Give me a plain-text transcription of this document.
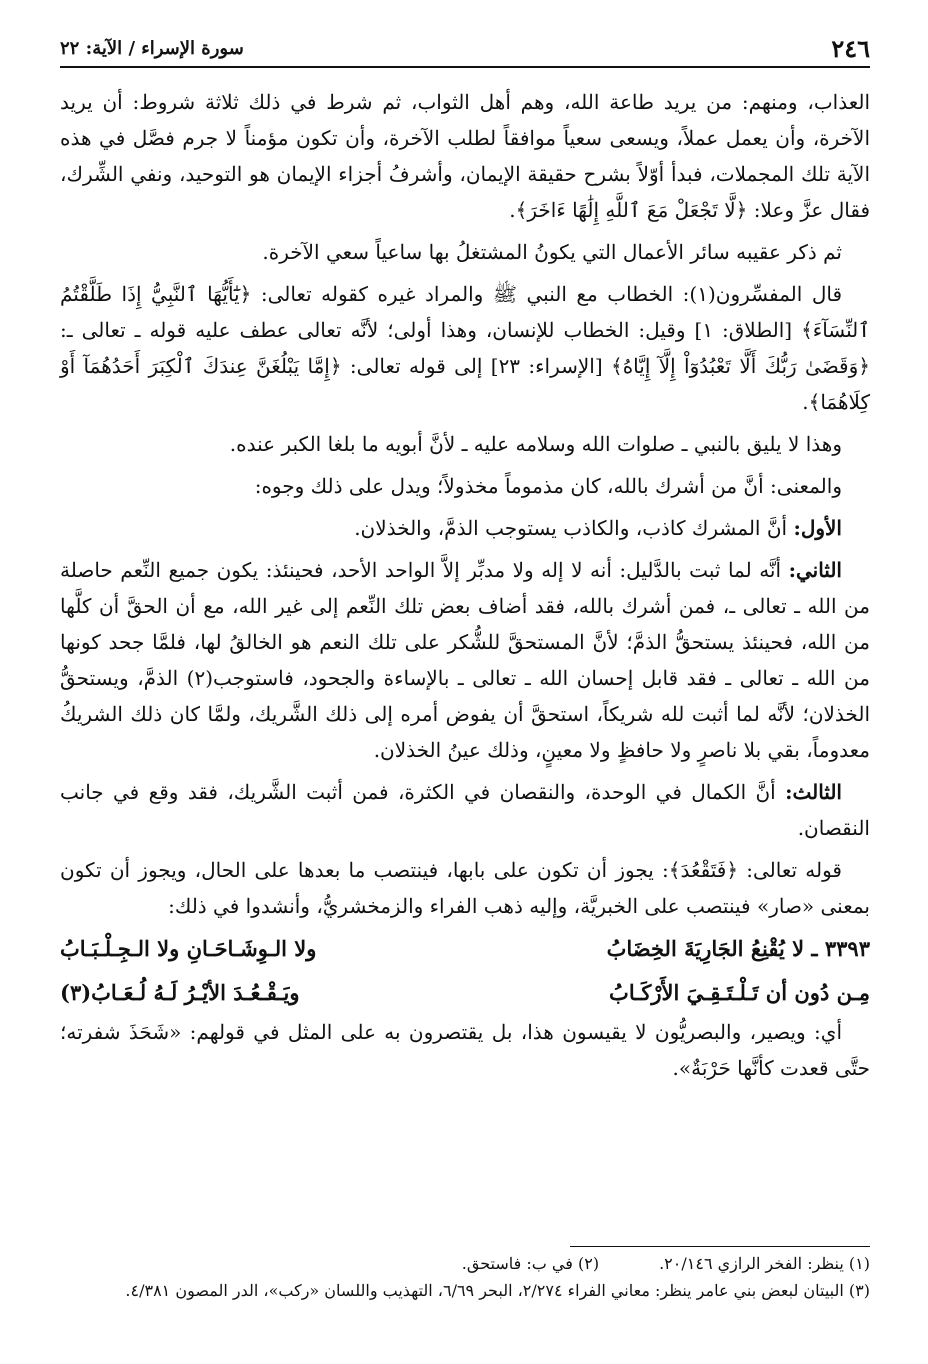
٢٤٦
سورة الإسراء / الآية: ٢٢

العذاب، ومنهم: من يريد طاعة الله، وهم أهل الثواب، ثم شرط في ذلك ثلاثة شروط: أن يريد الآخرة، وأن يعمل عملاً، ويسعى سعياً موافقاً لطلب الآخرة، وأن تكون مؤمناً لا جرم فصَّل في هذه الآية تلك المجملات، فبدأ أوّلاً بشرح حقيقة الإيمان، وأشرفُ أجزاء الإيمان هو التوحيد، ونفي الشِّرك، فقال عزَّ وعلا: ﴿لَّا تَجْعَلْ مَعَ ٱللَّهِ إِلَٰهًا ءَاخَرَ﴾.

ثم ذكر عقيبه سائر الأعمال التي يكونُ المشتغلُ بها ساعياً سعي الآخرة.

قال المفسِّرون(١): الخطاب مع النبي ﷺ والمراد غيره كقوله تعالى: ﴿يَٰٓأَيُّهَا ٱلنَّبِيُّ إِذَا طَلَّقْتُمُ ٱلنِّسَآءَ﴾ [الطلاق: ١] وقيل: الخطاب للإنسان، وهذا أولى؛ لأنَّه تعالى عطف عليه قوله ـ تعالى ـ: ﴿وَقَضَىٰ رَبُّكَ أَلَّا تَعْبُدُوٓاْ إِلَّآ إِيَّاهُ﴾ [الإسراء: ٢٣] إلى قوله تعالى: ﴿إِمَّا يَبْلُغَنَّ عِندَكَ ٱلْكِبَرَ أَحَدُهُمَآ أَوْ كِلَاهُمَا﴾.

وهذا لا يليق بالنبي ـ صلوات الله وسلامه عليه ـ لأنَّ أبويه ما بلغا الكبر عنده.

والمعنى: أنَّ من أشرك بالله، كان مذموماً مخذولاً؛ ويدل على ذلك وجوه:

الأول: أنَّ المشرك كاذب، والكاذب يستوجب الذمَّ، والخذلان.

الثاني: أنَّه لما ثبت بالدَّليل: أنه لا إله ولا مدبِّر إلاَّ الواحد الأحد، فحينئذ: يكون جميع النِّعم حاصلة من الله ـ تعالى ـ، فمن أشرك بالله، فقد أضاف بعض تلك النِّعم إلى غير الله، مع أن الحقَّ أن كلَّها من الله، فحينئذ يستحقُّ الذمَّ؛ لأنَّ المستحقَّ للشُّكر على تلك النعم هو الخالقُ لها، فلمَّا جحد كونها من الله ـ تعالى ـ فقد قابل إحسان الله ـ تعالى ـ بالإساءة والجحود، فاستوجب(٢) الذمَّ، ويستحقُّ الخذلان؛ لأنَّه لما أثبت لله شريكاً، استحقَّ أن يفوض أمره إلى ذلك الشَّريك، ولمَّا كان ذلك الشريكُ معدوماً، بقي بلا ناصرٍ ولا حافظٍ ولا معينٍ، وذلك عينُ الخذلان.

الثالث: أنَّ الكمال في الوحدة، والنقصان في الكثرة، فمن أثبت الشَّريك، فقد وقع في جانب النقصان.

قوله تعالى: ﴿فَتَقْعُدَ﴾: يجوز أن تكون على بابها، فينتصب ما بعدها على الحال، ويجوز أن تكون بمعنى «صار» فينتصب على الخبريَّة، وإليه ذهب الفراء والزمخشريُّ، وأنشدوا في ذلك:

٣٣٩٣ ـ لا يُقْنِعُ الجَارِيَةَ الخِضَابُ
ولا الـوِشَـاحَـانِ ولا الـجِـلْـبَـابُ
مِـن دُون أن تَـلْـتَـقِـيَ الأَرْكَـابُ
ويَـقْـعُـدَ الأيْـرُ لَـهُ لُـعَـابُ(٣)

أي: ويصير، والبصريُّون لا يقيسون هذا، بل يقتصرون به على المثل في قولهم: «شَحَذَ شفرته؛ حتَّى قعدت كأنَّها حَرْبَةٌ».

(١) ينظر: الفخر الرازي ٢٠/١٤٦.

(٢) في ب: فاستحق.

(٣) البيتان لبعض بني عامر ينظر: معاني الفراء ٢/٢٧٤، البحر ٦/٦٩، التهذيب واللسان «ركب»، الدر المصون ٤/٣٨١.
